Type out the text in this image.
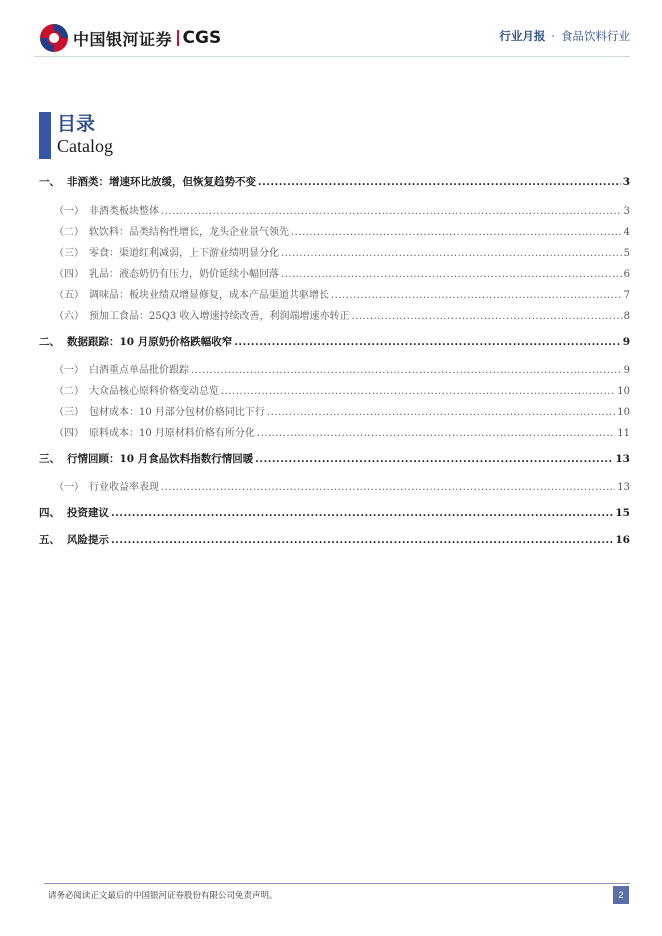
中国银河证券 CGS	行业月报 · 食品饮料行业
目录
Catalog
一、 非酒类：增速环比放缓，但恢复趋势不变 .....	3
（一） 非酒类板块整体 .....	3
（二） 软饮料：品类结构性增长，龙头企业景气领先 .....	4
（三） 零食：渠道红利减弱，上下游业绩明显分化 .....	5
（四） 乳品：液态奶仍有压力，奶价延续小幅回落 .....	6
（五） 调味品：板块业绩双增显修复，成本产品渠道共驱增长 .....	7
（六） 预加工食品：25Q3 收入增速持续改善，利润端增速亦转正 .....	8
二、 数据跟踪：10 月原奶价格跌幅收窄 .....	9
（一） 白酒重点单品批价跟踪 .....	9
（二） 大众品核心原料价格变动总览 .....	10
（三） 包材成本：10 月部分包材价格同比下行 .....	10
（四） 原料成本：10 月原材料价格有所分化 .....	11
三、 行情回顾：10 月食品饮料指数行情回暖 .....	13
（一） 行业收益率表现 .....	13
四、 投资建议 .....	15
五、 风险提示 .....	16
请务必阅读正文最后的中国银河证券股份有限公司免责声明。	2
